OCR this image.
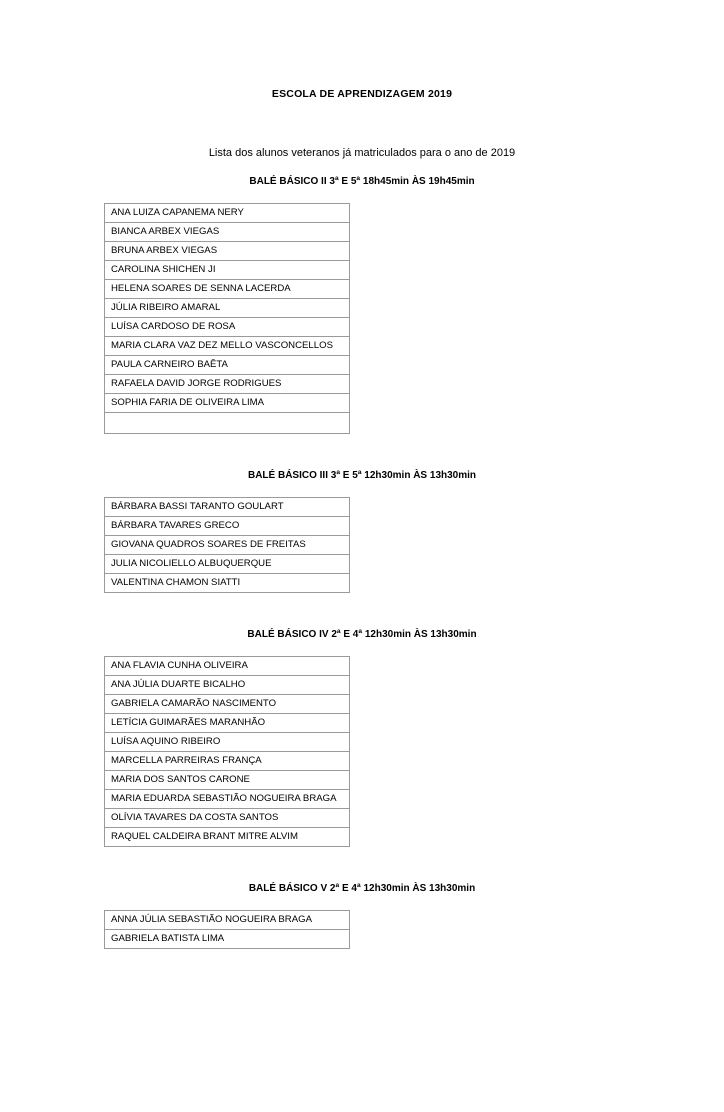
ESCOLA DE APRENDIZAGEM 2019
Lista dos alunos veteranos já matriculados para o ano de 2019
BALÉ BÁSICO II 3ª E 5ª 18h45min ÀS 19h45min
ANA LUIZA CAPANEMA NERY
BIANCA ARBEX VIEGAS
BRUNA ARBEX VIEGAS
CAROLINA SHICHEN JI
HELENA SOARES DE SENNA LACERDA
JÚLIA RIBEIRO AMARAL
LUÍSA CARDOSO DE ROSA
MARIA CLARA VAZ DEZ MELLO VASCONCELLOS
PAULA CARNEIRO BAÊTA
RAFAELA DAVID JORGE RODRIGUES
SOPHIA FARIA DE OLIVEIRA LIMA

BALÉ BÁSICO III 3ª E 5ª 12h30min ÀS 13h30min
BÁRBARA BASSI TARANTO GOULART
BÁRBARA TAVARES GRECO
GIOVANA QUADROS SOARES DE FREITAS
JULIA NICOLIELLO ALBUQUERQUE
VALENTINA CHAMON SIATTI
BALÉ BÁSICO IV 2ª E 4ª 12h30min ÀS 13h30min
ANA FLAVIA CUNHA OLIVEIRA
ANA JÚLIA DUARTE BICALHO
GABRIELA CAMARÃO NASCIMENTO
LETÍCIA GUIMARÃES MARANHÃO
LUÍSA AQUINO RIBEIRO
MARCELLA PARREIRAS FRANÇA
MARIA DOS SANTOS CARONE
MARIA EDUARDA SEBASTIÃO NOGUEIRA BRAGA
OLÍVIA TAVARES DA COSTA SANTOS
RAQUEL CALDEIRA BRANT MITRE ALVIM
BALÉ BÁSICO V 2ª E 4ª 12h30min ÀS 13h30min
ANNA JÚLIA SEBASTIÃO NOGUEIRA BRAGA
GABRIELA BATISTA LIMA
